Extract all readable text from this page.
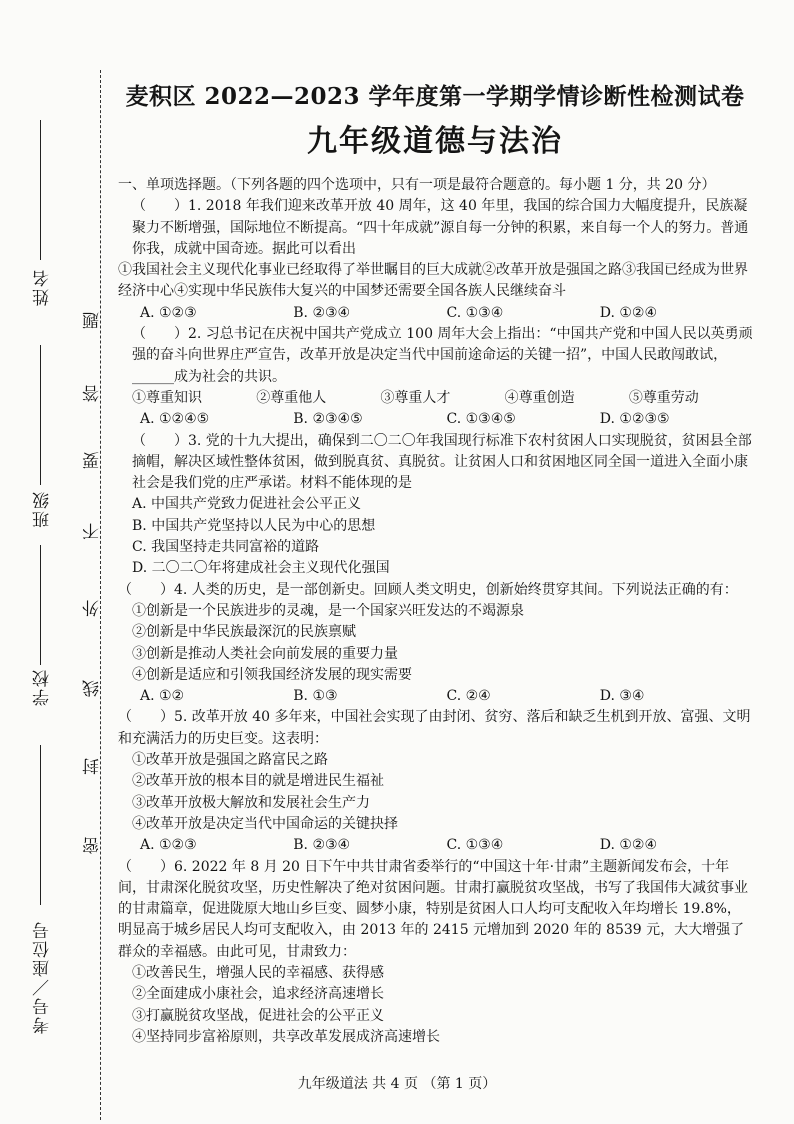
姓名
班级
学校
考号／座位号
题
答
要
不
外
线
封
密
麦积区 2022—2023 学年度第一学期学情诊断性检测试卷
九年级道德与法治

一、单项选择题。（下列各题的四个选项中，只有一项是最符合题意的。每小题 1 分，共 20 分）

（　　）1. 2018 年我们迎来改革开放 40 周年，这 40 年里，我国的综合国力大幅度提升，民族凝聚力不断增强，国际地位不断提高。“四十年成就”源自每一分钟的积累，来自每一个人的努力。普通你我，成就中国奇迹。据此可以看出

①我国社会主义现代化事业已经取得了举世瞩目的巨大成就②改革开放是强国之路③我国已经成为世界经济中心④实现中华民族伟大复兴的中国梦还需要全国各族人民继续奋斗

A. ①②③	B. ②③④	C. ①③④	D. ①②④

（　　）2. 习总书记在庆祝中国共产党成立 100 周年大会上指出：“中国共产党和中国人民以英勇顽强的奋斗向世界庄严宣告，改革开放是决定当代中国前途命运的关键一招”，中国人民敢闯敢试，______成为社会的共识。

①尊重知识	②尊重他人	③尊重人才	④尊重创造	⑤尊重劳动
A. ①②④⑤	B. ②③④⑤	C. ①③④⑤	D. ①②③⑤

（　　）3. 党的十九大提出，确保到二〇二〇年我国现行标准下农村贫困人口实现脱贫，贫困县全部摘帽，解决区域性整体贫困，做到脱真贫、真脱贫。让贫困人口和贫困地区同全国一道进入全面小康社会是我们党的庄严承诺。材料不能体现的是

A. 中国共产党致力促进社会公平正义

B. 中国共产党坚持以人民为中心的思想

C. 我国坚持走共同富裕的道路

D. 二〇二〇年将建成社会主义现代化强国

（　　）4. 人类的历史，是一部创新史。回顾人类文明史，创新始终贯穿其间。下列说法正确的有：

①创新是一个民族进步的灵魂，是一个国家兴旺发达的不竭源泉

②创新是中华民族最深沉的民族禀赋

③创新是推动人类社会向前发展的重要力量

④创新是适应和引领我国经济发展的现实需要

A. ①②	B. ①③	C. ②④	D. ③④

（　　）5. 改革开放 40 多年来，中国社会实现了由封闭、贫穷、落后和缺乏生机到开放、富强、文明和充满活力的历史巨变。这表明：

①改革开放是强国之路富民之路

②改革开放的根本目的就是增进民生福祉

③改革开放极大解放和发展社会生产力

④改革开放是决定当代中国命运的关键抉择

A. ①②③	B. ②③④	C. ①③④	D. ①②④

（　　）6. 2022 年 8 月 20 日下午中共甘肃省委举行的“中国这十年·甘肃”主题新闻发布会，十年间，甘肃深化脱贫攻坚，历史性解决了绝对贫困问题。甘肃打赢脱贫攻坚战，书写了我国伟大减贫事业的甘肃篇章，促进陇原大地山乡巨变、圆梦小康，特别是贫困人口人均可支配收入年均增长 19.8%，明显高于城乡居民人均可支配收入，由 2013 年的 2415 元增加到 2020 年的 8539 元，大大增强了群众的幸福感。由此可见，甘肃致力：

①改善民生，增强人民的幸福感、获得感

②全面建成小康社会，追求经济高速增长

③打赢脱贫攻坚战，促进社会的公平正义

④坚持同步富裕原则，共享改革发展成济高速增长

九年级道法 共 4 页 （第 1 页）
